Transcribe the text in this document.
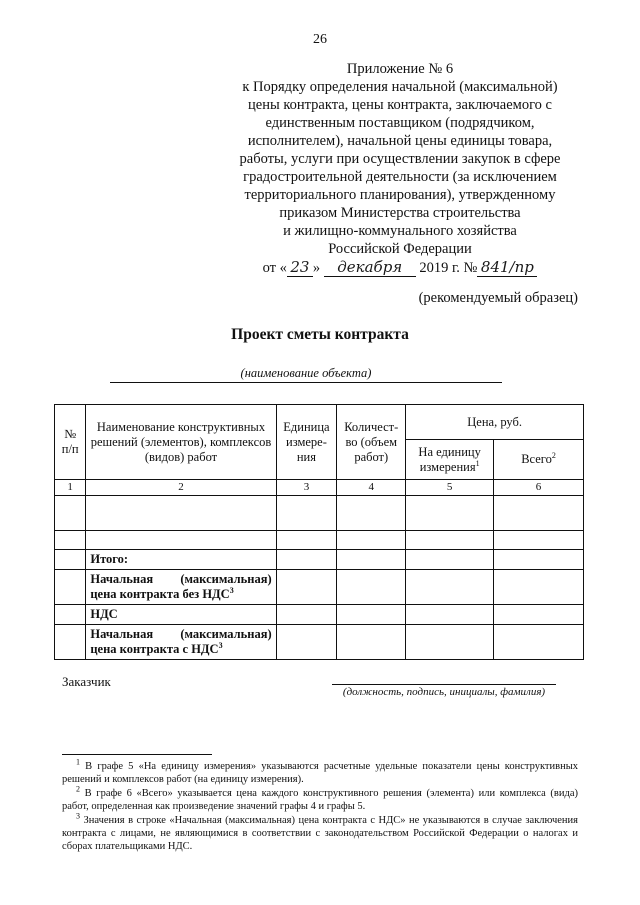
26
Приложение № 6
к Порядку определения начальной (максимальной)
цены контракта, цены контракта, заключаемого с
единственным поставщиком (подрядчиком,
исполнителем), начальной цены единицы товара,
работы, услуги при осуществлении закупок в сфере
градостроительной деятельности (за исключением
территориального планирования), утвержденному
приказом Министерства строительства
и жилищно-коммунального хозяйства
Российской Федерации
от « 23 » декабря 2019 г. № 841/пр
(рекомендуемый образец)
Проект сметы контракта
(наименование объекта)
№ п/п	Наименование конструктивных решений (элементов), комплексов (видов) работ	Единица измере-ния	Количест-во (объем работ)	Цена, руб.	
				На единицу измерения$^1$	Всего$^2$
1	2	3	4	5	6

	Итого:				
	Начальная (максимальная) цена контракта без НДС$^3$				
	НДС				
	Начальная (максимальная) цена контракта с НДС$^3$				
Заказчик
(должность, подпись, инициалы, фамилия)

$^1$ В графе 5 «На единицу измерения» указываются расчетные удельные показатели цены конструктивных решений и комплексов работ (на единицу измерения).

$^2$ В графе 6 «Всего» указывается цена каждого конструктивного решения (элемента) или комплекса (вида) работ, определенная как произведение значений графы 4 и графы 5.

$^3$ Значения в строке «Начальная (максимальная) цена контракта с НДС» не указываются в случае заключения контракта с лицами, не являющимися в соответствии с законодательством Российской Федерации о налогах и сборах плательщиками НДС.
